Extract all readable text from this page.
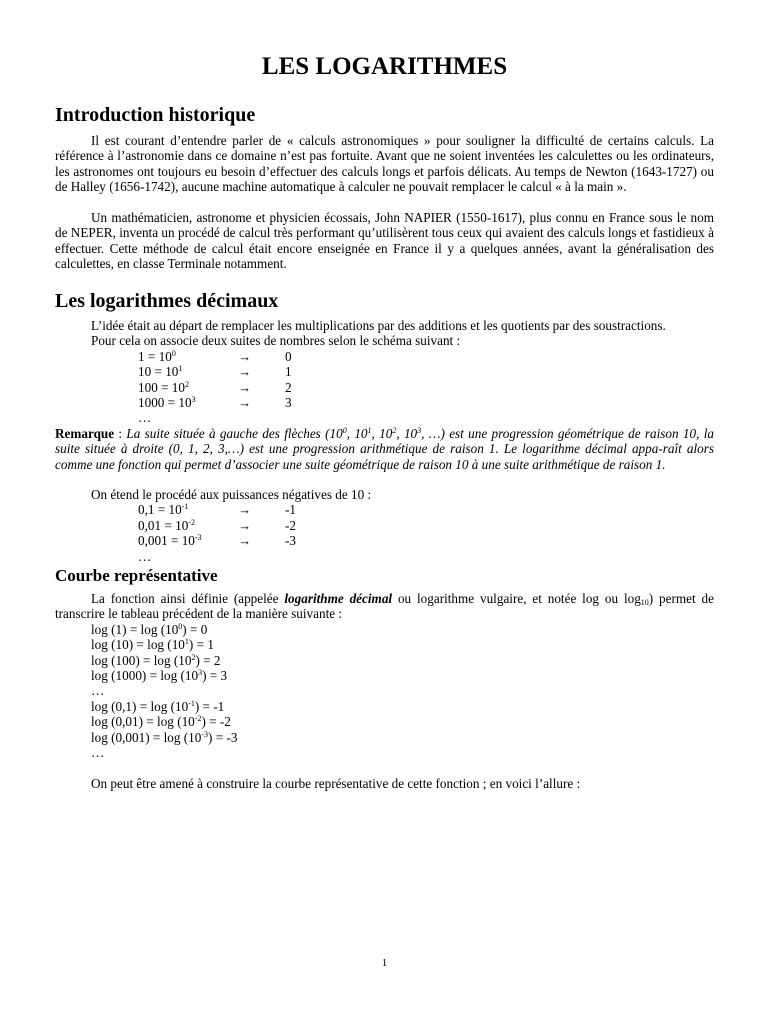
LES LOGARITHMES
Introduction historique

Il est courant d’entendre parler de « calculs astronomiques » pour souligner la difficulté de certains calculs. La référence à l’astronomie dans ce domaine n’est pas fortuite. Avant que ne soient inventées les calculettes ou les ordinateurs, les astronomes ont toujours eu besoin d’effectuer des calculs longs et parfois délicats. Au temps de Newton (1643-1727) ou de Halley (1656-1742), aucune machine automatique à calculer ne pouvait remplacer le calcul « à la main ».

Un mathématicien, astronome et physicien écossais, John NAPIER (1550-1617), plus connu en France sous le nom de NEPER, inventa un procédé de calcul très performant qu’utilisèrent tous ceux qui avaient des calculs longs et fastidieux à effectuer. Cette méthode de calcul était encore enseignée en France il y a quelques années, avant la généralisation des calculettes, en classe Terminale notamment.

Les logarithmes décimaux

L’idée était au départ de remplacer les multiplications par des additions et les quotients par des soustractions.

Pour cela on associe deux suites de nombres selon le schéma suivant :

$1 = 10^0$	→	0
$10 = 10^1$	→	1
$100 = 10^2$	→	2
$1000 = 10^3$	→	3
…

Remarque : La suite située à gauche des flèches ($10^0$, $10^1$, $10^2$, $10^3$, …) est une progression géométrique de raison 10, la suite située à droite (0, 1, 2, 3,…) est une progression arithmétique de raison 1. Le logarithme décimal appa-raît alors comme une fonction qui permet d’associer une suite géométrique de raison 10 à une suite arithmétique de raison 1.

On étend le procédé aux puissances négatives de 10 :

$0,1 = 10^{-1}$	→	-1
$0,01 = 10^{-2}$	→	-2
$0,001 = 10^{-3}$	→	-3
…
Courbe représentative

La fonction ainsi définie (appelée logarithme décimal ou logarithme vulgaire, et notée log ou $\log_{10}$) permet de transcrire le tableau précédent de la manière suivante :

$\log (1) = \log (10^0) = 0$
$\log (10) = \log (10^1) = 1$
$\log (100) = \log (10^2) = 2$
$\log (1000) = \log (10^3) = 3$
…
$\log (0,1) = \log (10^{-1}) = -1$
$\log (0,01) = \log (10^{-2}) = -2$
$\log (0,001) = \log (10^{-3}) = -3$
…

On peut être amené à construire la courbe représentative de cette fonction ; en voici l’allure :

1
